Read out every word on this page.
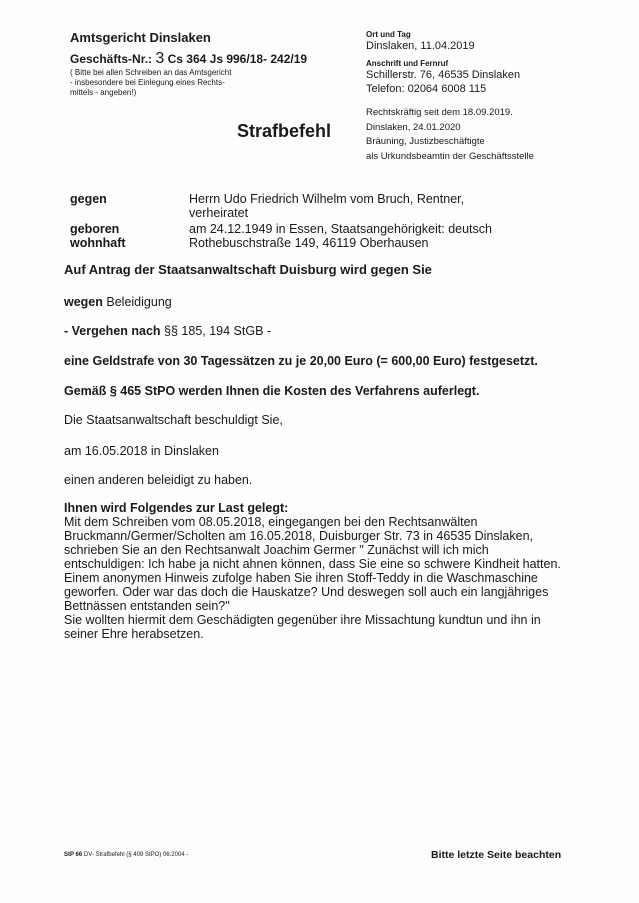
Amtsgericht Dinslaken
Geschäfts-Nr.: 3 Cs 364 Js 996/18- 242/19
( Bitte bei allen Schreiben an das Amtsgericht
- insbesondere bei Einlegung eines Rechts-
mittels - angeben!)
Ort und Tag
Dinslaken, 11.04.2019
Anschrift und Fernruf
Schillerstr. 76, 46535 Dinslaken
Telefon: 02064 6008 115
Rechtskräftig seit dem 18.09.2019.
Dinslaken, 24.01.2020
Bräuning, Justizbeschäftigte
als Urkundsbeamtin der Geschäftsstelle
Strafbefehl
gegen	Herrn Udo Friedrich Wilhelm vom Bruch, Rentner,
verheiratet
geboren	am 24.12.1949 in Essen, Staatsangehörigkeit: deutsch
wohnhaft	Rothebuschstraße 149, 46119 Oberhausen
Auf Antrag der Staatsanwaltschaft Duisburg wird gegen Sie
wegen Beleidigung
- Vergehen nach §§ 185, 194 StGB -
eine Geldstrafe von 30 Tagessätzen zu je 20,00 Euro (= 600,00 Euro) festgesetzt.
Gemäß § 465 StPO werden Ihnen die Kosten des Verfahrens auferlegt.
Die Staatsanwaltschaft beschuldigt Sie,
am 16.05.2018 in Dinslaken
einen anderen beleidigt zu haben.
Ihnen wird Folgendes zur Last gelegt:
Mit dem Schreiben vom 08.05.2018, eingegangen bei den Rechtsanwälten
Bruckmann/Germer/Scholten am 16.05.2018, Duisburger Str. 73 in 46535 Dinslaken,
schrieben Sie an den Rechtsanwalt Joachim Germer " Zunächst will ich mich
entschuldigen: Ich habe ja nicht ahnen können, dass Sie eine so schwere Kindheit hatten.
Einem anonymen Hinweis zufolge haben Sie ihren Stoff-Teddy in die Waschmaschine
geworfen. Oder war das doch die Hauskatze? Und deswegen soll auch ein langjähriges
Bettnässen entstanden sein?"
Sie wollten hiermit dem Geschädigten gegenüber ihre Missachtung kundtun und ihn in
seiner Ehre herabsetzen.
StP 66 DV- Strafbefehl (§ 409 StPO) 06.2004 -	Bitte letzte Seite beachten
